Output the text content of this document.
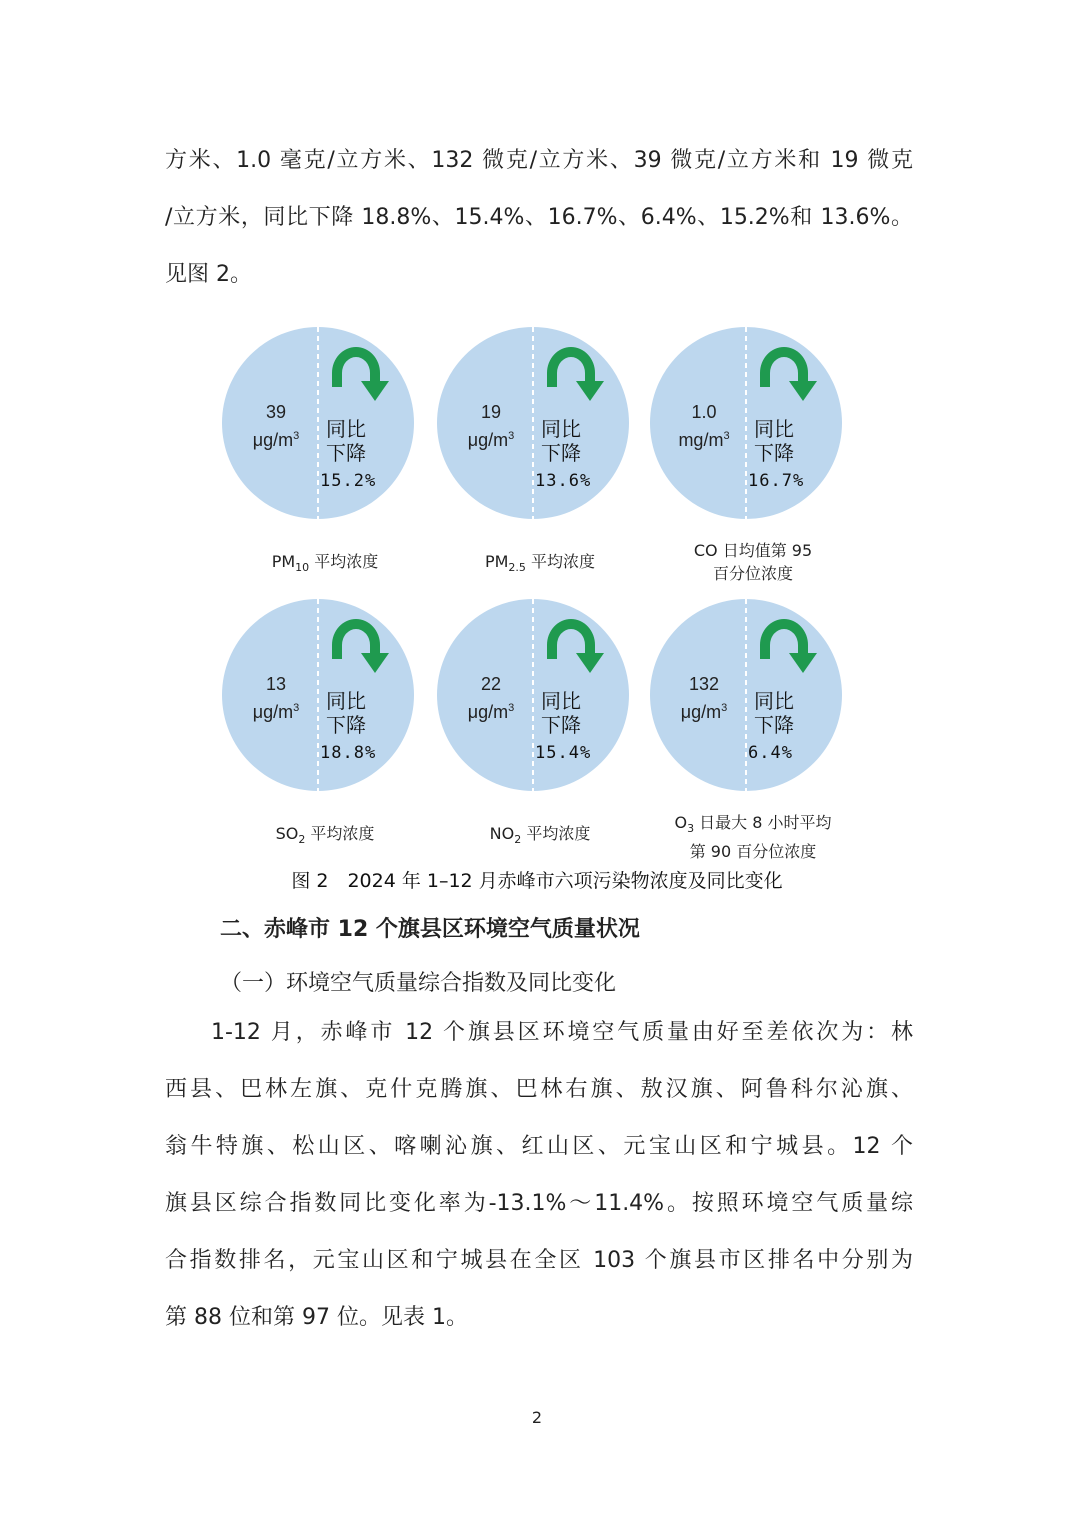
方米、1.0 毫克/立方米、132 微克/立方米、39 微克/立方米和 19 微克
/立方米，同比下降 18.8%、15.4%、16.7%、6.4%、15.2%和 13.6%。
见图 2。
39
$\mu g/m^3$	同比
下降
15.2%
$PM_{10}$ 平均浓度
19
$\mu g/m^3$	同比
下降
13.6%
$PM_{2.5}$ 平均浓度
1.0
$mg/m^3$	同比
下降
16.7%
CO 日均值第 95
百分位浓度
13
$\mu g/m^3$	同比
下降
18.8%
$SO_2$ 平均浓度
22
$\mu g/m^3$	同比
下降
15.4%
$NO_2$ 平均浓度
132
$\mu g/m^3$	同比
下降
6.4%
$O_3$ 日最大 8 小时平均
第 90 百分位浓度
图 2　2024 年 1–12 月赤峰市六项污染物浓度及同比变化
二、赤峰市 12 个旗县区环境空气质量状况
（一）环境空气质量综合指数及同比变化
1-12 月，赤峰市 12 个旗县区环境空气质量由好至差依次为：林
西县、巴林左旗、克什克腾旗、巴林右旗、敖汉旗、阿鲁科尔沁旗、
翁牛特旗、松山区、喀喇沁旗、红山区、元宝山区和宁城县。12 个
旗县区综合指数同比变化率为-13.1%～11.4%。按照环境空气质量综
合指数排名，元宝山区和宁城县在全区 103 个旗县市区排名中分别为
第 88 位和第 97 位。见表 1。
2
